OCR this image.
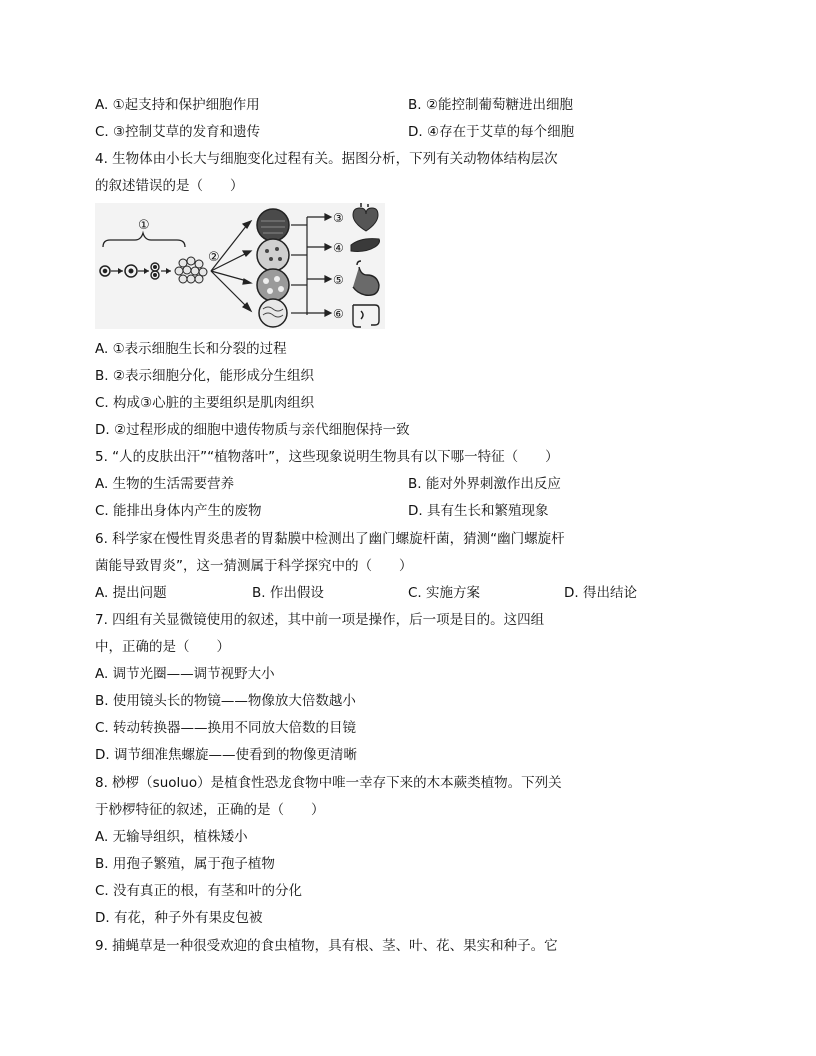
A. ①起支持和保护细胞作用	B. ②能控制葡萄糖进出细胞
C. ③控制艾草的发育和遗传	D. ④存在于艾草的每个细胞
4. 生物体由小长大与细胞变化过程有关。据图分析，下列有关动物体结构层次
的叙述错误的是（　　）
①
②
③
④
⑤
⑥
A. ①表示细胞生长和分裂的过程
B. ②表示细胞分化，能形成分生组织
C. 构成③心脏的主要组织是肌肉组织
D. ②过程形成的细胞中遗传物质与亲代细胞保持一致
5. “人的皮肤出汗”“植物落叶”，这些现象说明生物具有以下哪一特征（　　）
A. 生物的生活需要营养	B. 能对外界刺激作出反应
C. 能排出身体内产生的废物	D. 具有生长和繁殖现象
6. 科学家在慢性胃炎患者的胃黏膜中检测出了幽门螺旋杆菌，猜测“幽门螺旋杆
菌能导致胃炎”，这一猜测属于科学探究中的（　　）
A. 提出问题	B. 作出假设	C. 实施方案	D. 得出结论
7. 四组有关显微镜使用的叙述，其中前一项是操作，后一项是目的。这四组
中，正确的是（　　）
A. 调节光圈——调节视野大小
B. 使用镜头长的物镜——物像放大倍数越小
C. 转动转换器——换用不同放大倍数的目镜
D. 调节细准焦螺旋——使看到的物像更清晰
8. 桫椤（suoluo）是植食性恐龙食物中唯一幸存下来的木本蕨类植物。下列关
于桫椤特征的叙述，正确的是（　　）
A. 无输导组织，植株矮小
B. 用孢子繁殖，属于孢子植物
C. 没有真正的根，有茎和叶的分化
D. 有花，种子外有果皮包被
9. 捕蝇草是一种很受欢迎的食虫植物，具有根、茎、叶、花、果实和种子。它
